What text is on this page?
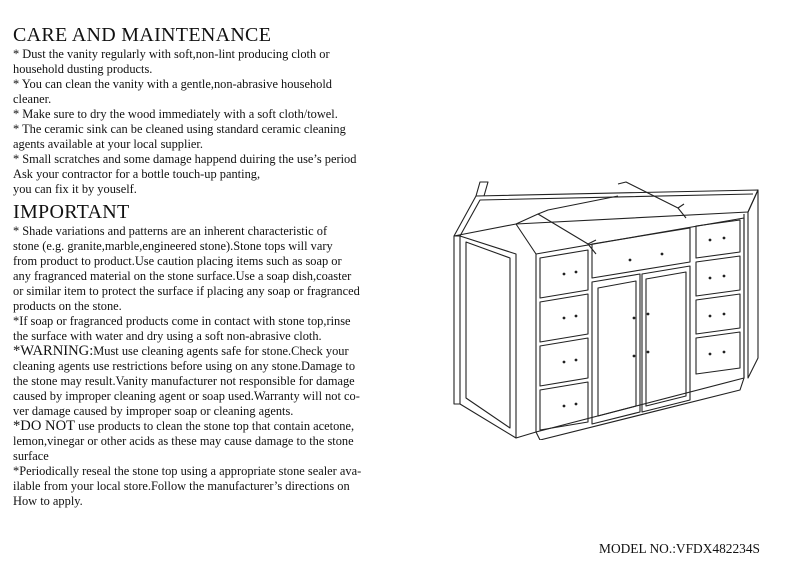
CARE AND MAINTENANCE

* Dust the vanity regularly with soft,non-lint producing cloth or

household dusting products.

* You can clean the vanity with a gentle,non-abrasive household

cleaner.

* Make sure to dry the wood immediately with a soft cloth/towel.

* The ceramic sink can be cleaned using standard ceramic cleaning

agents available at your local supplier.

* Small scratches and some damage happend duiring the use’s period

Ask your contractor for a bottle touch-up panting,

you can fix it by youself.

IMPORTANT

* Shade variations and patterns are an inherent characteristic of

stone (e.g. granite,marble,engineered stone).Stone tops will vary

from product to product.Use caution placing items such as soap or

any fragranced material on the stone surface.Use a soap dish,coaster

or similar item to protect the surface if placing any soap or fragranced

products on the stone.

*If soap or fragranced products come in contact with stone top,rinse

the surface with water and dry using a soft non-abrasive cloth.

*WARNING:Must use cleaning agents safe for stone.Check your

cleaning agents use restrictions before using on any stone.Damage to

the stone may result.Vanity manufacturer not responsible for damage

caused by improper cleaning agent or soap used.Warranty will not co-

ver damage caused by improper soap or cleaning agents.

*DO NOT use products to clean the stone top that contain acetone,

lemon,vinegar or other acids as these may cause damage to the stone

surface

*Periodically reseal the stone top using a appropriate stone sealer ava-

ilable from your local store.Follow the manufacturer’s directions on

How to apply.

MODEL NO.:VFDX482234S
